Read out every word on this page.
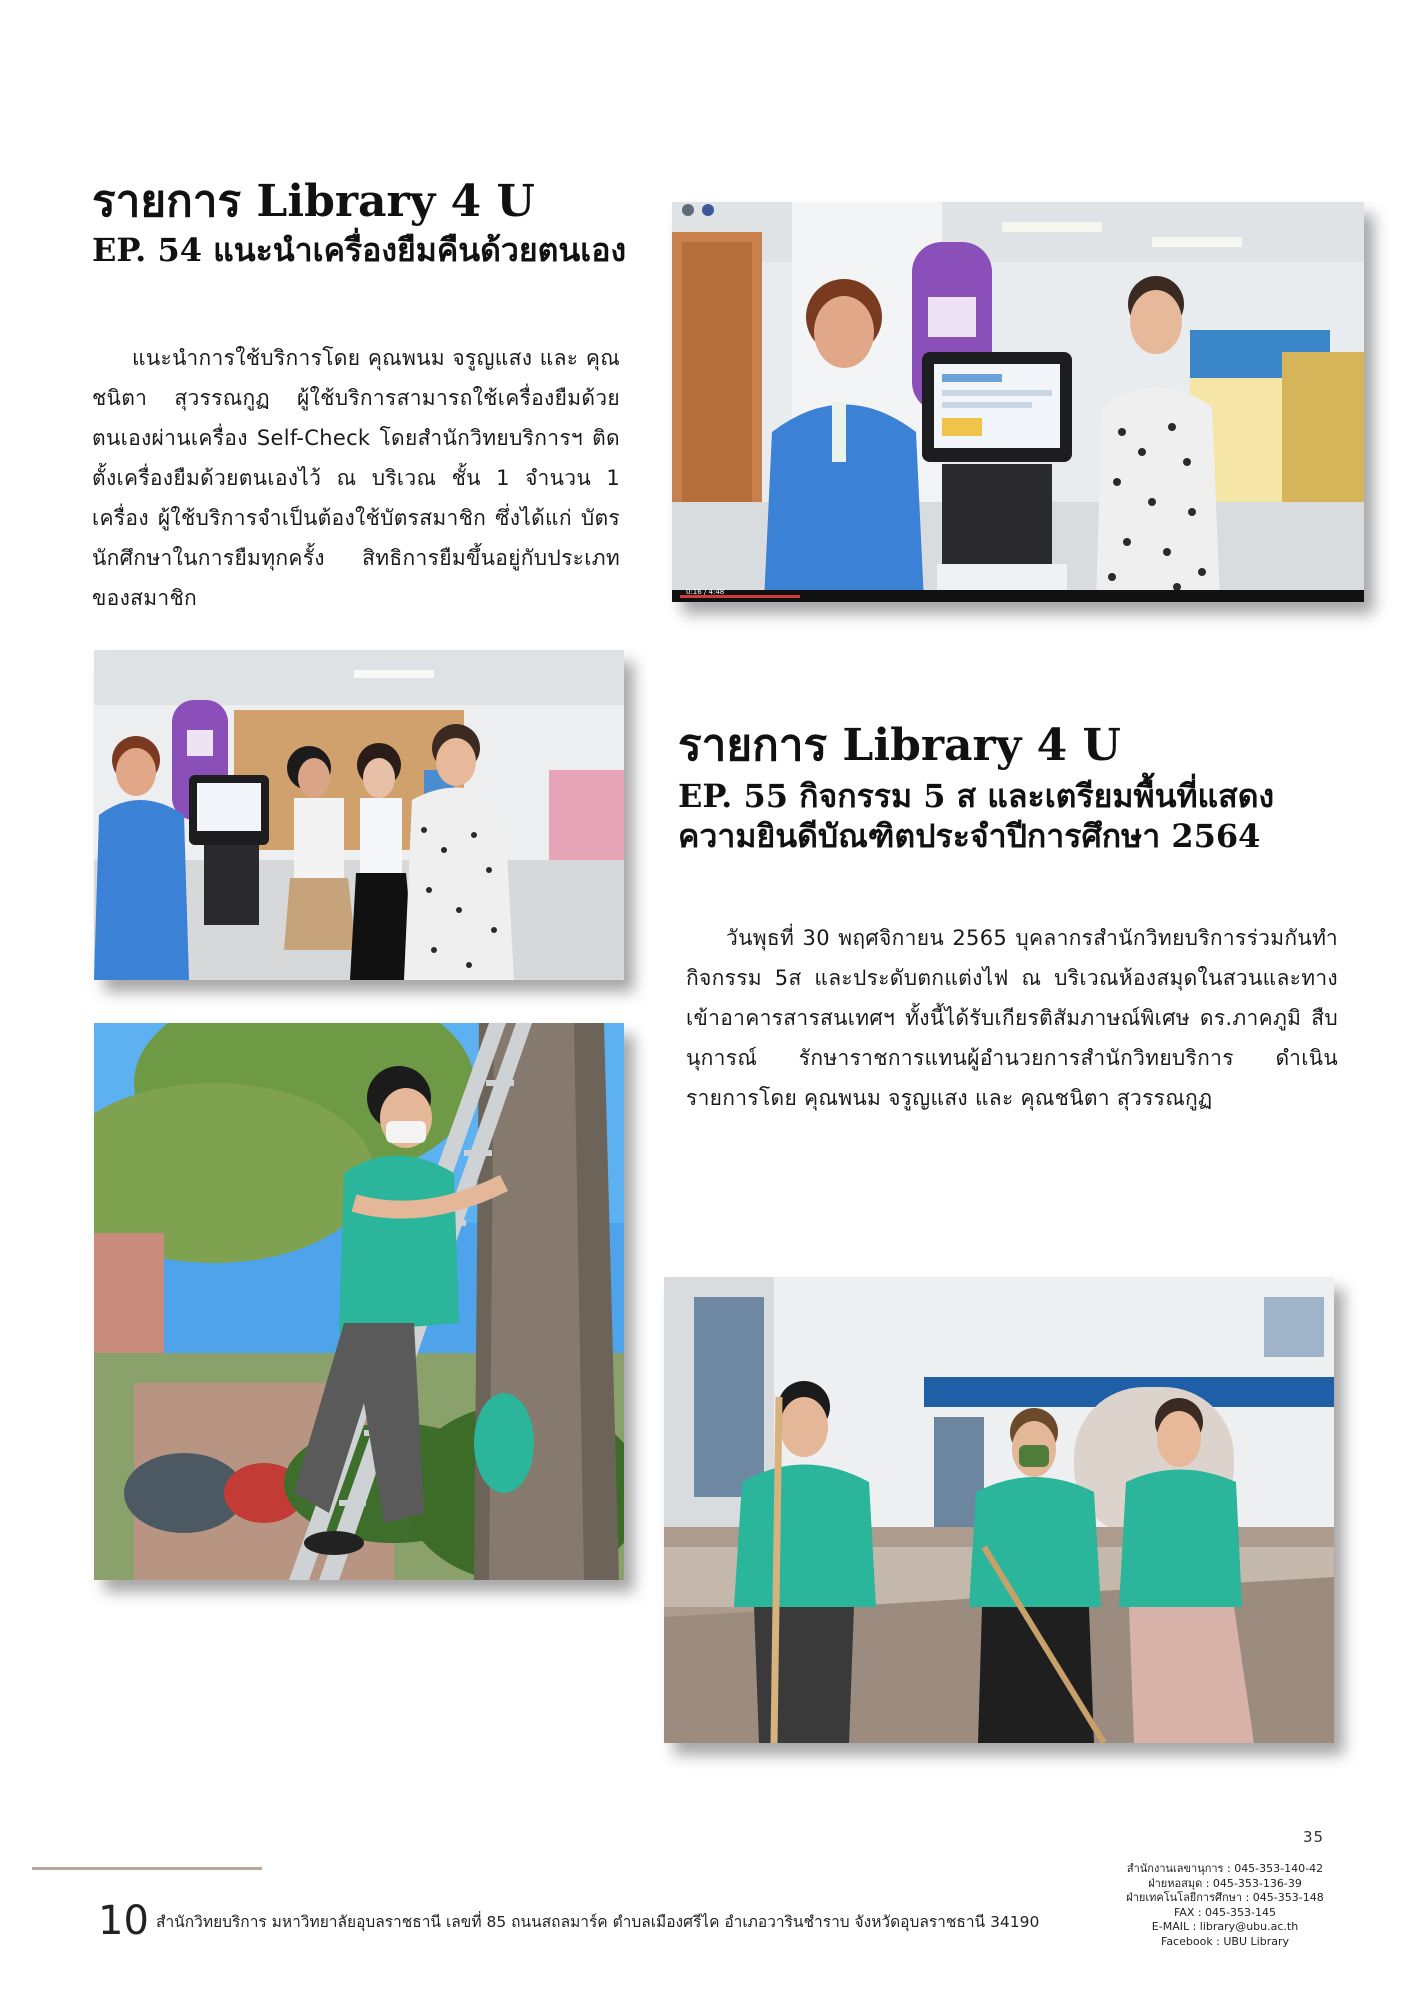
รายการ Library 4 U
EP. 54 แนะนำเครื่องยืมคืนด้วยตนเอง

แนะนำการใช้บริการโดย คุณพนม จรูญแสง และ คุณชนิตา สุวรรณกูฏ ผู้ใช้บริการสามารถใช้เครื่องยืมด้วยตนเองผ่านเครื่อง Self-Check โดยสำนักวิทยบริการฯ ติดตั้งเครื่องยืมด้วยตนเองไว้ ณ บริเวณ ชั้น 1 จำนวน 1 เครื่อง ผู้ใช้บริการจำเป็นต้องใช้บัตรสมาชิก ซึ่งได้แก่ บัตรนักศึกษาในการยืมทุกครั้ง สิทธิการยืมขึ้นอยู่กับประเภทของสมาชิก	0:16 / 4:48
รายการ Library 4 U
EP. 55 กิจกรรม 5 ส และเตรียมพื้นที่แสดง
ความยินดีบัณฑิตประจำปีการศึกษา 2564

วันพุธที่ 30 พฤศจิกายน 2565 บุคลากรสำนักวิทยบริการร่วมกันทำกิจกรรม 5ส และประดับตกแต่งไฟ ณ บริเวณห้องสมุดในสวนและทางเข้าอาคารสารสนเทศฯ ทั้งนี้ได้รับเกียรติสัมภาษณ์พิเศษ ดร.ภาคภูมิ สืบนุการณ์ รักษาราชการแทนผู้อำนวยการสำนักวิทยบริการ ดำเนินรายการโดย คุณพนม จรูญแสง และ คุณชนิตา สุวรรณกูฏ

35
10 สำนักวิทยบริการ มหาวิทยาลัยอุบลราชธานี เลขที่ 85 ถนนสถลมาร์ค ตำบลเมืองศรีไค อำเภอวารินชำราบ จังหวัดอุบลราชธานี 34190
สำนักงานเลขานุการ : 045-353-140-42
ฝ่ายหอสมุด : 045-353-136-39
ฝ่ายเทคโนโลยีการศึกษา : 045-353-148
FAX : 045-353-145
E-MAIL : library@ubu.ac.th
Facebook : UBU Library
